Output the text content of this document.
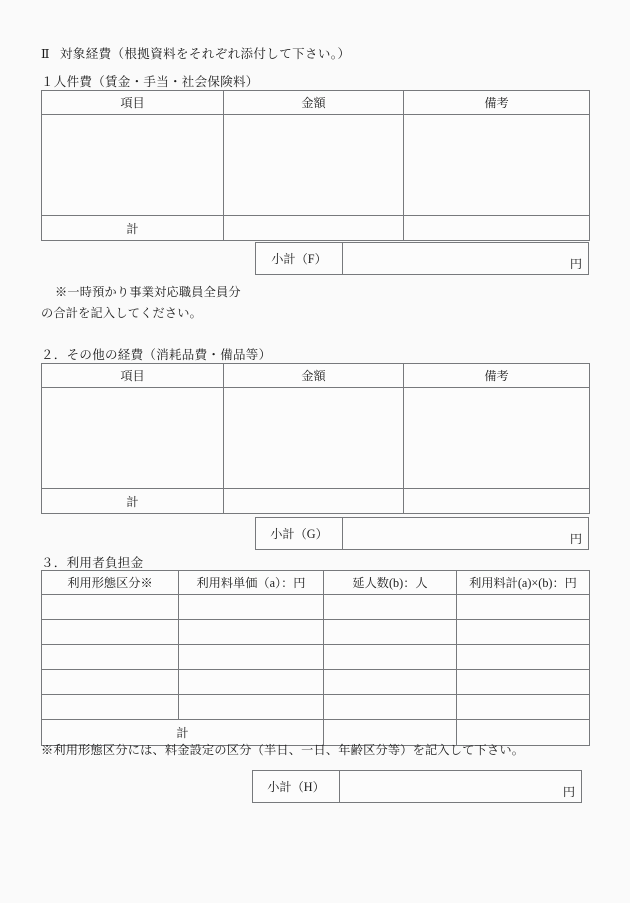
Ⅱ 対象経費（根拠資料をそれぞれ添付して下さい。）
１人件費（賃金・手当・社会保険料）
項目	金額	備考

計		
小計（F）	円
※一時預かり事業対応職員全員分
の合計を記入してください。
２．その他の経費（消耗品費・備品等）
項目	金額	備考

計		
小計（G）	円
３．利用者負担金
利用形態区分※	利用料単価（a）：円	延人数(b)：人	利用料計(a)×(b)：円

計			
※利用形態区分には、料金設定の区分（半日、一日、年齢区分等）を記入して下さい。
小計（H）	円
